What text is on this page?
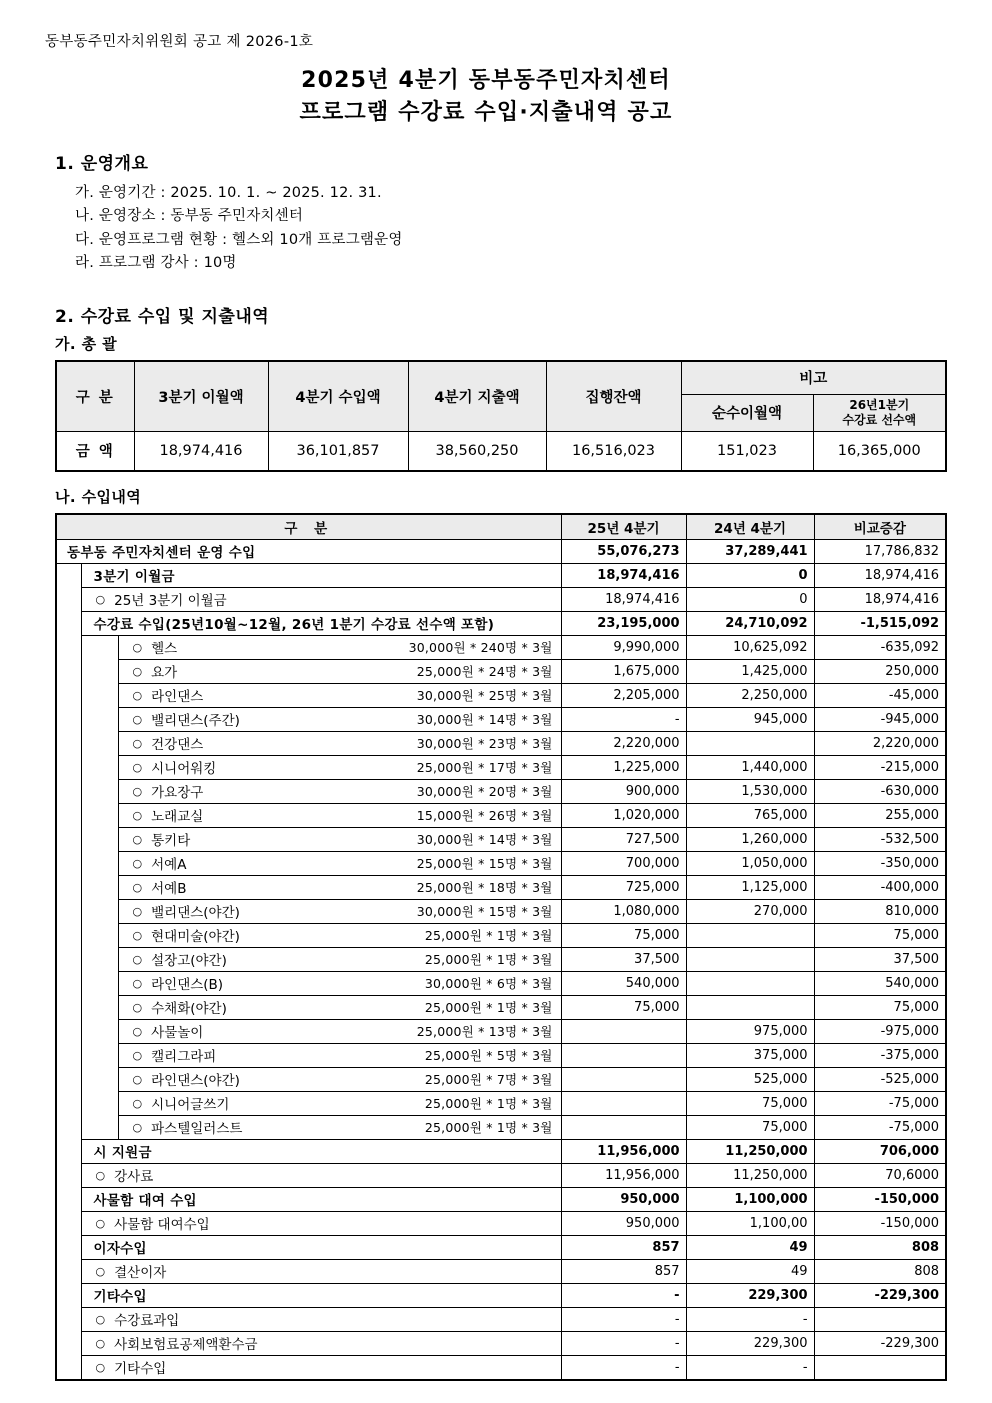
동부동주민자치위원회 공고 제 2026-1호
2025년 4분기 동부동주민자치센터
프로그램 수강료 수입·지출내역 공고
1. 운영개요
가. 운영기간 : 2025. 10. 1. ~ 2025. 12. 31.
나. 운영장소 : 동부동 주민자치센터
다. 운영프로그램 현황 : 헬스외 10개 프로그램운영
라. 프로그램 강사 : 10명
2. 수강료 수입 및 지출내역
가. 총 괄
구 분	3분기 이월액	4분기 수입액	4분기 지출액	집행잔액	비고	
					순수이월액	26년1분기
수강료 선수액
금 액	18,974,416	36,101,857	38,560,250	16,516,023	151,023	16,365,000
나. 수입내역
구 분			25년 4분기	24년 4분기	비교증감

동부동 주민자치센터 운영 수입			55,076,273	37,289,441	17,786,832

	3분기 이월금		18,974,416	0	18,974,416

	○ 25년 3분기 이월금		18,974,416	0	18,974,416

	수강료 수입(25년10월~12월, 26년 1분기 수강료 선수액 포함)		23,195,000	24,710,092	-1,515,092

		○ 헬스 30,000원 * 240명 * 3월	9,990,000	10,625,092	-635,092

		○ 요가 25,000원 * 24명 * 3월	1,675,000	1,425,000	250,000

		○ 라인댄스 30,000원 * 25명 * 3월	2,205,000	2,250,000	-45,000

		○ 밸리댄스(주간) 30,000원 * 14명 * 3월	-	945,000	-945,000

		○ 건강댄스 30,000원 * 23명 * 3월	2,220,000		2,220,000

		○ 시니어워킹 25,000원 * 17명 * 3월	1,225,000	1,440,000	-215,000

		○ 가요장구 30,000원 * 20명 * 3월	900,000	1,530,000	-630,000

		○ 노래교실 15,000원 * 26명 * 3월	1,020,000	765,000	255,000

		○ 통키타 30,000원 * 14명 * 3월	727,500	1,260,000	-532,500

		○ 서예A 25,000원 * 15명 * 3월	700,000	1,050,000	-350,000

		○ 서예B 25,000원 * 18명 * 3월	725,000	1,125,000	-400,000

		○ 밸리댄스(야간) 30,000원 * 15명 * 3월	1,080,000	270,000	810,000

		○ 현대미술(야간) 25,000원 * 1명 * 3월	75,000		75,000

		○ 설장고(야간) 25,000원 * 1명 * 3월	37,500		37,500

		○ 라인댄스(B) 30,000원 * 6명 * 3월	540,000		540,000

		○ 수채화(야간) 25,000원 * 1명 * 3월	75,000		75,000

		○ 사물놀이 25,000원 * 13명 * 3월		975,000	-975,000

		○ 캘리그라피 25,000원 * 5명 * 3월		375,000	-375,000

		○ 라인댄스(야간) 25,000원 * 7명 * 3월		525,000	-525,000

		○ 시니어글쓰기 25,000원 * 1명 * 3월		75,000	-75,000

		○ 파스텔일러스트 25,000원 * 1명 * 3월		75,000	-75,000

	시 지원금		11,956,000	11,250,000	706,000

	○ 강사료		11,956,000	11,250,000	70,6000

	사물함 대여 수입		950,000	1,100,000	-150,000

	○ 사물함 대여수입		950,000	1,100,00	-150,000

	이자수입		857	49	808

	○ 결산이자		857	49	808

	기타수입		-	229,300	-229,300

	○ 수강료과입		-	-	

	○ 사회보험료공제액환수금		-	229,300	-229,300

	○ 기타수입		-	-	
